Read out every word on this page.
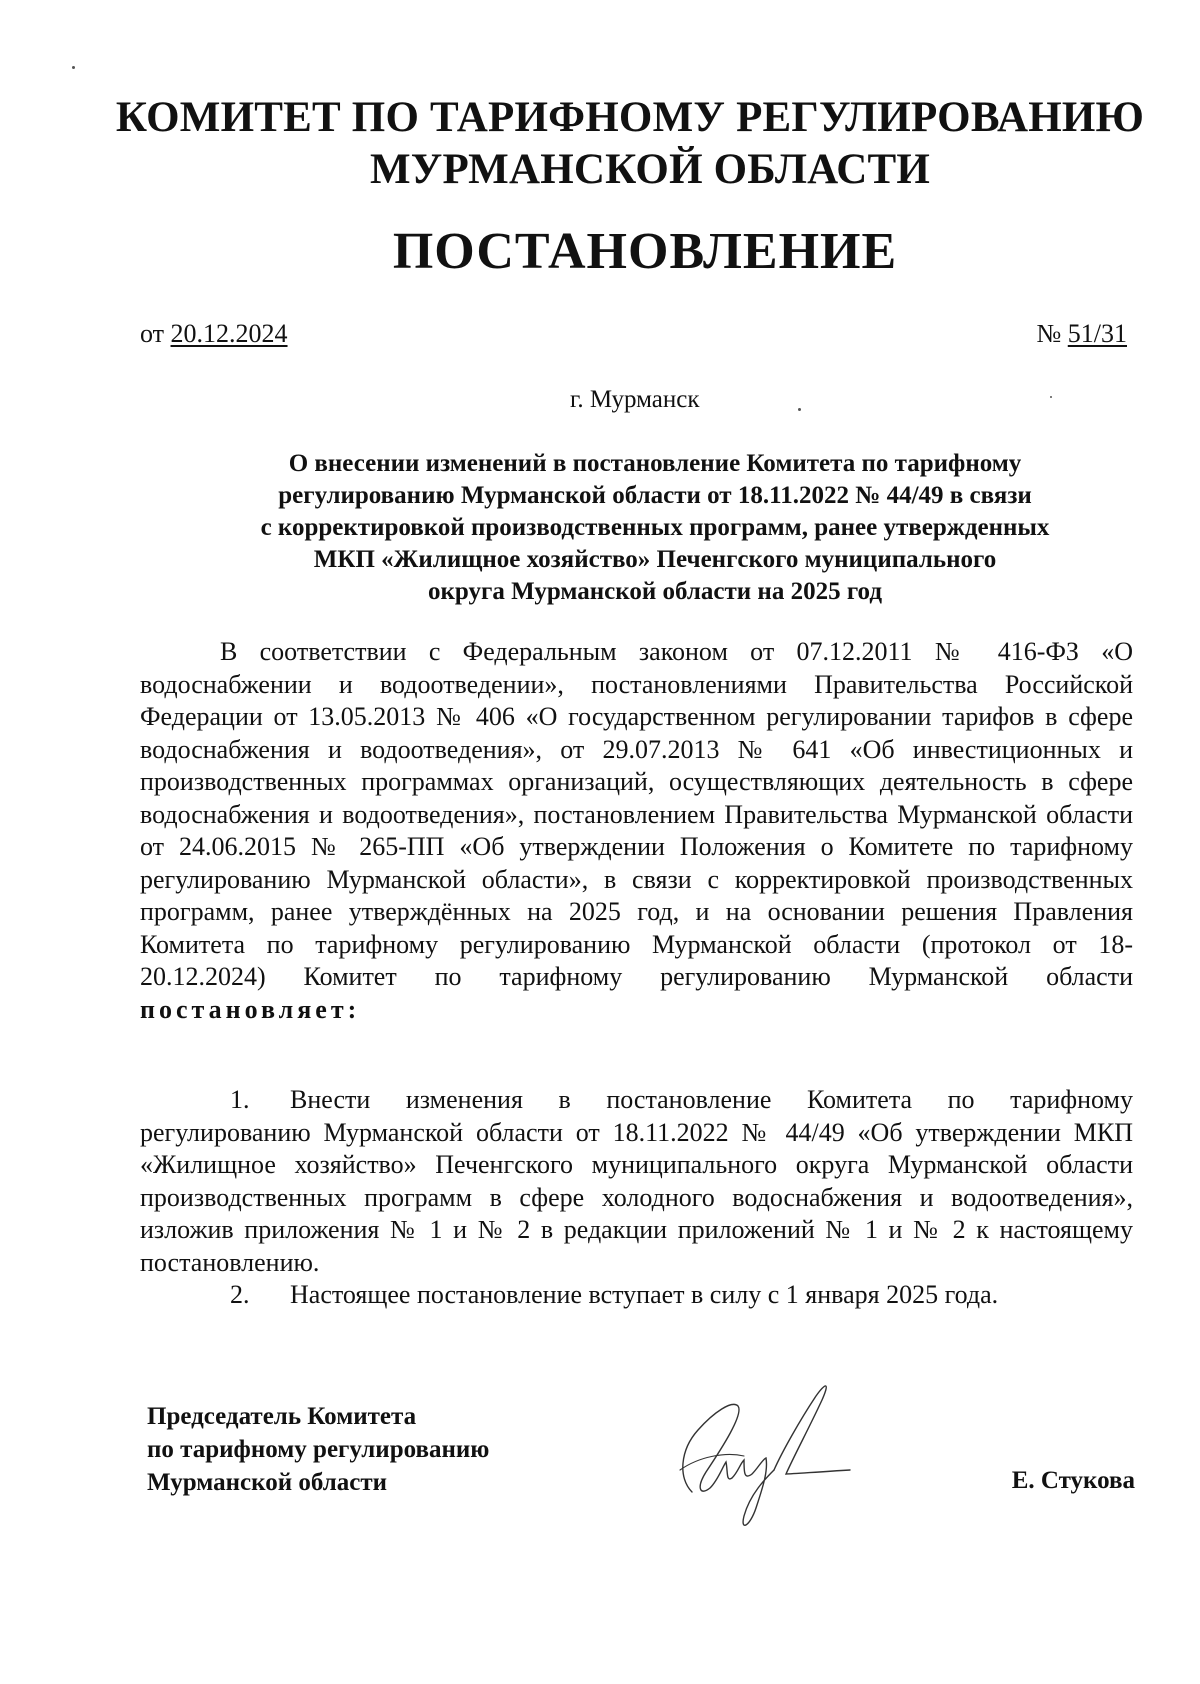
КОМИТЕТ ПО ТАРИФНОМУ РЕГУЛИРОВАНИЮ
МУРМАНСКОЙ ОБЛАСТИ
ПОСТАНОВЛЕНИЕ
от 20.12.2024	№ 51/31
г. Мурманск
О внесении изменений в постановление Комитета по тарифному
регулированию Мурманской области от 18.11.2022 № 44/49 в связи
с корректировкой производственных программ, ранее утвержденных
МКП «Жилищное хозяйство» Печенгского муниципального
округа Мурманской области на 2025 год
В соответствии с Федеральным законом от 07.12.2011 № 416-ФЗ «О водоснабжении и водоотведении», постановлениями Правительства Российской Федерации от 13.05.2013 № 406 «О государственном регулировании тарифов в сфере водоснабжения и водоотведения», от 29.07.2013 № 641 «Об инвестиционных и производственных программах организаций, осуществляющих деятельность в сфере водоснабжения и водоотведения», постановлением Правительства Мурманской области от 24.06.2015 № 265-ПП «Об утверждении Положения о Комитете по тарифному регулированию Мурманской области», в связи с корректировкой производственных программ, ранее утверждённых на 2025 год, и на основании решения Правления Комитета по тарифному регулированию Мурманской области (протокол от 18-20.12.2024) Комитет по тарифному регулированию Мурманской области постановляет:
1. Внести изменения в постановление Комитета по тарифному регулированию Мурманской области от 18.11.2022 № 44/49 «Об утверждении МКП «Жилищное хозяйство» Печенгского муниципального округа Мурманской области производственных программ в сфере холодного водоснабжения и водоотведения», изложив приложения № 1 и № 2 в редакции приложений № 1 и № 2 к настоящему постановлению.
2. Настоящее постановление вступает в силу с 1 января 2025 года.
Председатель Комитета
по тарифному регулированию
Мурманской области	Е. Стукова
